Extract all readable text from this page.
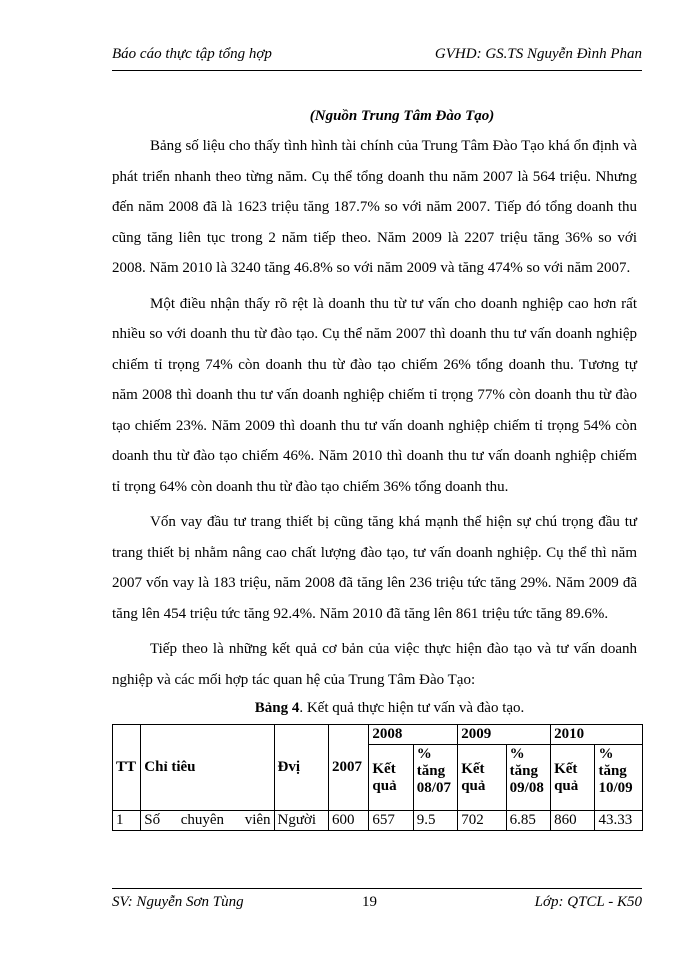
Báo cáo thực tập tổng hợp	GVHD: GS.TS Nguyễn Đình Phan

(Nguồn Trung Tâm Đào Tạo)

Bảng số liệu cho thấy tình hình tài chính của Trung Tâm Đào Tạo khá ổn định và phát triển nhanh theo từng năm. Cụ thể tổng doanh thu năm 2007 là 564 triệu. Nhưng đến năm 2008 đã là 1623 triệu tăng 187.7% so với năm 2007. Tiếp đó tổng doanh thu cũng tăng liên tục trong 2 năm tiếp theo. Năm 2009 là 2207 triệu tăng 36% so với 2008. Năm 2010 là 3240 tăng 46.8% so với năm 2009 và tăng 474% so với năm 2007.

Một điều nhận thấy rõ rệt là doanh thu từ tư vấn cho doanh nghiệp cao hơn rất nhiều so với doanh thu từ đào tạo. Cụ thể năm 2007 thì doanh thu tư vấn doanh nghiệp chiếm tỉ trọng 74% còn doanh thu từ đào tạo chiếm 26% tổng doanh thu. Tương tự năm 2008 thì doanh thu tư vấn doanh nghiệp chiếm tỉ trọng 77% còn doanh thu từ đào tạo chiếm 23%. Năm 2009 thì doanh thu tư vấn doanh nghiệp chiếm tỉ trọng 54% còn doanh thu từ đào tạo chiếm 46%. Năm 2010 thì doanh thu tư vấn doanh nghiệp chiếm tỉ trọng 64% còn doanh thu từ đào tạo chiếm 36% tổng doanh thu.

Vốn vay đầu tư trang thiết bị cũng tăng khá mạnh thể hiện sự chú trọng đầu tư trang thiết bị nhằm nâng cao chất lượng đào tạo, tư vấn doanh nghiệp. Cụ thể thì năm 2007 vốn vay là 183 triệu, năm 2008 đã tăng lên 236 triệu tức tăng 29%. Năm 2009 đã tăng lên 454 triệu tức tăng 92.4%. Năm 2010 đã tăng lên 861 triệu tức tăng 89.6%.

Tiếp theo là những kết quả cơ bản của việc thực hiện đào tạo và tư vấn doanh nghiệp và các mối hợp tác quan hệ của Trung Tâm Đào Tạo:

Bảng 4. Kết quả thực hiện tư vấn và đào tạo.
TT	Chỉ tiêu	Đvị	2007	2008		2009		2010	
				Kết quả	% tăng 08/07	Kết quả	% tăng 09/08	Kết quả	% tăng 10/09
1	Số chuyên viên	Người	600	657	9.5	702	6.85	860	43.33
SV: Nguyễn Sơn Tùng	19	Lớp: QTCL - K50
